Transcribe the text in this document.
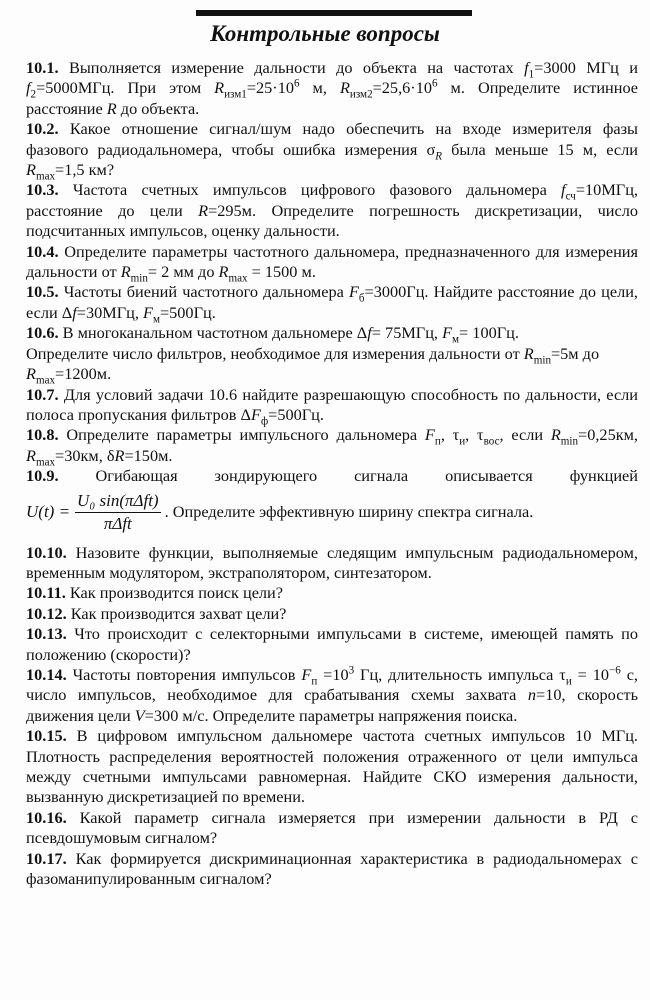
Контрольные вопросы
10.1. Выполняется измерение дальности до объекта на частотах $f_1=3000$ МГц и $f_2=5000МГц$. При этом $R_{изм1}=25\cdot 10^6$ м, $R_{изм2}=25,6\cdot 10^6$ м. Определите истинное расстояние R до объекта.
10.2. Какое отношение сигнал/шум надо обеспечить на входе измерителя фазы фазового радиодальномера, чтобы ошибка измерения $\sigma_R$ была меньше 15 м, если $R_{max}=1,5$ км?
10.3. Частота счетных импульсов цифрового фазового дальномера $f_{сч}=10МГц$, расстояние до цели R=295м. Определите погрешность дискретизации, число подсчитанных импульсов, оценку дальности.
10.4. Определите параметры частотного дальномера, предназначенного для измерения дальности от $R_{min}= 2$ мм до $R_{max} = 1500$ м.
10.5. Частоты биений частотного дальномера $F_б=3000Гц$. Найдите расстояние до цели, если Δf=30МГц, $F_м=500Гц$.
10.6. В многоканальном частотном дальномере Δf= 75МГц, $F_м= 100Гц$.
Определите число фильтров, необходимое для измерения дальности от $R_{min}=5м$ до $R_{max}=1200м$.
10.7. Для условий задачи 10.6 найдите разрешающую способность по дальности, если полоса пропускания фильтров $\Delta F_ф=500Гц$.
10.8. Определите параметры импульсного дальномера $F_п$, $\tau_и$, $\tau_{вос}$, если $R_{min}=0,25км$, $R_{max}=30км$, δR=150м.
10.9. Огибающая зондирующего сигнала описывается функцией
$U(t) = \frac{\text{U₀ sin(πΔft)}}{\text{πΔft}}$ . Определите эффективную ширину спектра сигнала.
10.10. Назовите функции, выполняемые следящим импульсным радиодальномером, временным модулятором, экстраполятором, синтезатором.
10.11. Как производится поиск цели?
10.12. Как производится захват цели?
10.13. Что происходит с селекторными импульсами в системе, имеющей память по положению (скорости)?
10.14. Частоты повторения импульсов $F_п =10^3$ Гц, длительность импульса $\tau_и = 10^{-6}$ с, число импульсов, необходимое для срабатывания схемы захвата n=10, скорость движения цели V=300 м/с. Определите параметры напряжения поиска.
10.15. В цифровом импульсном дальномере частота счетных импульсов 10 МГц. Плотность распределения вероятностей положения отраженного от цели импульса между счетными импульсами равномерная. Найдите СКО измерения дальности, вызванную дискретизацией по времени.
10.16. Какой параметр сигнала измеряется при измерении дальности в РД с псевдошумовым сигналом?
10.17. Как формируется дискриминационная характеристика в радиодальномерах с фазоманипулированным сигналом?
